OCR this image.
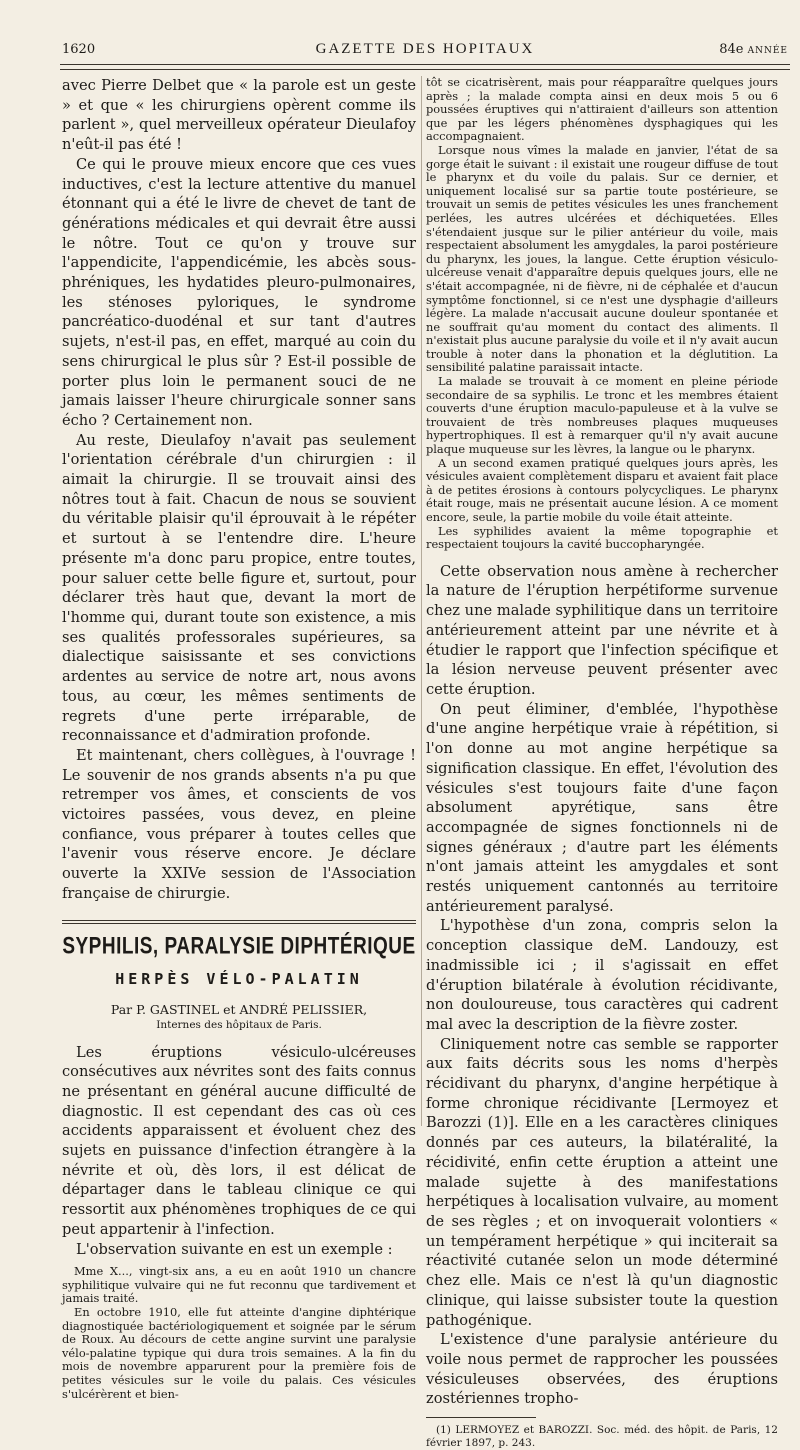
1620	GAZETTE DES HOPITAUX	84e ANNÉE

avec Pierre Delbet que « la parole est un geste » et que « les chirurgiens opèrent comme ils parlent », quel merveilleux opérateur Dieulafoy n'eût-il pas été !

Ce qui le prouve mieux encore que ces vues inductives, c'est la lecture attentive du manuel étonnant qui a été le livre de chevet de tant de générations médicales et qui devrait être aussi le nôtre. Tout ce qu'on y trouve sur l'appendicite, l'appendicémie, les abcès sous-phréniques, les hydatides pleuro-pulmonaires, les sténoses pyloriques, le syndrome pancréatico-duodénal et sur tant d'autres sujets, n'est-il pas, en effet, marqué au coin du sens chirurgical le plus sûr ? Est-il possible de porter plus loin le permanent souci de ne jamais laisser l'heure chirurgicale sonner sans écho ? Certainement non.

Au reste, Dieulafoy n'avait pas seulement l'orientation cérébrale d'un chirurgien : il aimait la chirurgie. Il se trouvait ainsi des nôtres tout à fait. Chacun de nous se souvient du véritable plaisir qu'il éprouvait à le répéter et surtout à se l'entendre dire. L'heure présente m'a donc paru propice, entre toutes, pour saluer cette belle figure et, surtout, pour déclarer très haut que, devant la mort de l'homme qui, durant toute son existence, a mis ses qualités professorales supérieures, sa dialectique saisissante et ses convictions ardentes au service de notre art, nous avons tous, au cœur, les mêmes sentiments de regrets d'une perte irréparable, de reconnaissance et d'admiration profonde.

Et maintenant, chers collègues, à l'ouvrage ! Le souvenir de nos grands absents n'a pu que retremper vos âmes, et conscients de vos victoires passées, vous devez, en pleine confiance, vous préparer à toutes celles que l'avenir vous réserve encore. Je déclare ouverte la XXIVe session de l'Association française de chirurgie.

SYPHILIS, PARALYSIE DIPHTÉRIQUE
HERPÈS VÉLO-PALATIN
Par P. GASTINEL et ANDRÉ PELISSIER,
Internes des hôpitaux de Paris.

Les éruptions vésiculo-ulcéreuses consécutives aux névrites sont des faits connus ne présentant en général aucune difficulté de diagnostic. Il est cependant des cas où ces accidents apparaissent et évoluent chez des sujets en puissance d'infection étrangère à la névrite et où, dès lors, il est délicat de départager dans le tableau clinique ce qui ressortit aux phénomènes trophiques de ce qui peut appartenir à l'infection.

L'observation suivante en est un exemple :

Mme X..., vingt-six ans, a eu en août 1910 un chancre syphilitique vulvaire qui ne fut reconnu que tardivement et jamais traité.

En octobre 1910, elle fut atteinte d'angine diphtérique diagnostiquée bactériologiquement et soignée par le sérum de Roux. Au décours de cette angine survint une paralysie vélo-palatine typique qui dura trois semaines. A la fin du mois de novembre apparurent pour la première fois de petites vésicules sur le voile du palais. Ces vésicules s'ulcérèrent et bien-

tôt se cicatrisèrent, mais pour réapparaître quelques jours après ; la malade compta ainsi en deux mois 5 ou 6 poussées éruptives qui n'attiraient d'ailleurs son attention que par les légers phénomènes dysphagiques qui les accompagnaient.

Lorsque nous vîmes la malade en janvier, l'état de sa gorge était le suivant : il existait une rougeur diffuse de tout le pharynx et du voile du palais. Sur ce dernier, et uniquement localisé sur sa partie toute postérieure, se trouvait un semis de petites vésicules les unes franchement perlées, les autres ulcérées et déchiquetées. Elles s'étendaient jusque sur le pilier antérieur du voile, mais respectaient absolument les amygdales, la paroi postérieure du pharynx, les joues, la langue. Cette éruption vésiculo-ulcéreuse venait d'apparaître depuis quelques jours, elle ne s'était accompagnée, ni de fièvre, ni de céphalée et d'aucun symptôme fonctionnel, si ce n'est une dysphagie d'ailleurs légère. La malade n'accusait aucune douleur spontanée et ne souffrait qu'au moment du contact des aliments. Il n'existait plus aucune paralysie du voile et il n'y avait aucun trouble à noter dans la phonation et la déglutition. La sensibilité palatine paraissait intacte.

La malade se trouvait à ce moment en pleine période secondaire de sa syphilis. Le tronc et les membres étaient couverts d'une éruption maculo-papuleuse et à la vulve se trouvaient de très nombreuses plaques muqueuses hypertrophiques. Il est à remarquer qu'il n'y avait aucune plaque muqueuse sur les lèvres, la langue ou le pharynx.

A un second examen pratiqué quelques jours après, les vésicules avaient complètement disparu et avaient fait place à de petites érosions à contours polycycliques. Le pharynx était rouge, mais ne présentait aucune lésion. A ce moment encore, seule, la partie mobile du voile était atteinte.

Les syphilides avaient la même topographie et respectaient toujours la cavité buccopharyngée.

Cette observation nous amène à rechercher la nature de l'éruption herpétiforme survenue chez une malade syphilitique dans un territoire antérieurement atteint par une névrite et à étudier le rapport que l'infection spécifique et la lésion nerveuse peuvent présenter avec cette éruption.

On peut éliminer, d'emblée, l'hypothèse d'une angine herpétique vraie à répétition, si l'on donne au mot angine herpétique sa signification classique. En effet, l'évolution des vésicules s'est toujours faite d'une façon absolument apyrétique, sans être accompagnée de signes fonctionnels ni de signes généraux ; d'autre part les éléments n'ont jamais atteint les amygdales et sont restés uniquement cantonnés au territoire antérieurement paralysé.

L'hypothèse d'un zona, compris selon la conception classique deM. Landouzy, est inadmissible ici ; il s'agissait en effet d'éruption bilatérale à évolution récidivante, non douloureuse, tous caractères qui cadrent mal avec la description de la fièvre zoster.

Cliniquement notre cas semble se rapporter aux faits décrits sous les noms d'herpès récidivant du pharynx, d'angine herpétique à forme chronique récidivante [Lermoyez et Barozzi (1)]. Elle en a les caractères cliniques donnés par ces auteurs, la bilatéralité, la récidivité, enfin cette éruption a atteint une malade sujette à des manifestations herpétiques à localisation vulvaire, au moment de ses règles ; et on invoquerait volontiers « un tempérament herpétique » qui inciterait sa réactivité cutanée selon un mode déterminé chez elle. Mais ce n'est là qu'un diagnostic clinique, qui laisse subsister toute la question pathogénique.

L'existence d'une paralysie antérieure du voile nous permet de rapprocher les poussées vésiculeuses observées, des éruptions zostériennes tropho-

(1) LERMOYEZ et BAROZZI. Soc. méd. des hôpit. de Paris, 12 février 1897, p. 243.
